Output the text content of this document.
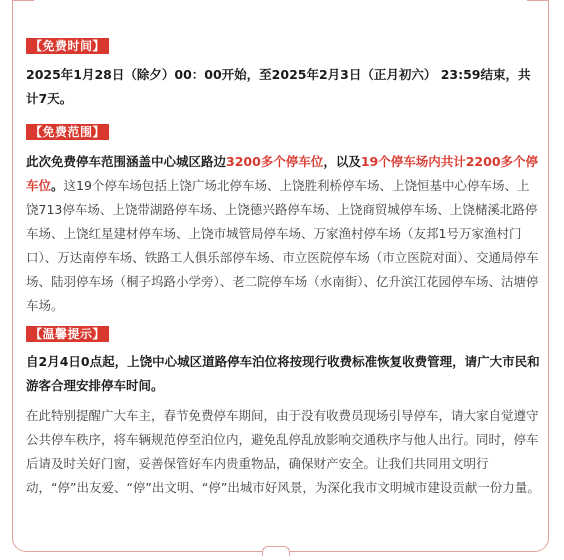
【免费时间】

2025年1月28日（除夕）00：00开始，至2025年2月3日（正月初六） 23:59结束，共计7天。

【免费范围】

此次免费停车范围涵盖中心城区路边3200多个停车位，以及19个停车场内共计2200多个停车位。这19个停车场包括上饶广场北停车场、上饶胜利桥停车场、上饶恒基中心停车场、上饶713停车场、上饶带湖路停车场、上饶德兴路停车场、上饶商贸城停车场、上饶槠溪北路停车场、上饶红星建材停车场、上饶市城管局停车场、万家渔村停车场（友邦1号万家渔村门口）、万达南停车场、铁路工人俱乐部停车场、市立医院停车场（市立医院对面）、交通局停车场、陆羽停车场（桐子坞路小学旁）、老二院停车场（水南街）、亿升滨江花园停车场、沽塘停车场。

【温馨提示】

自2月4日0点起，上饶中心城区道路停车泊位将按现行收费标准恢复收费管理，请广大市民和游客合理安排停车时间。

在此特别提醒广大车主，春节免费停车期间，由于没有收费员现场引导停车，请大家自觉遵守公共停车秩序，将车辆规范停至泊位内，避免乱停乱放影响交通秩序与他人出行。同时，停车后请及时关好门窗，妥善保管好车内贵重物品，确保财产安全。让我们共同用文明行动，“停”出友爱、“停”出文明、“停”出城市好风景，为深化我市文明城市建设贡献一份力量。
